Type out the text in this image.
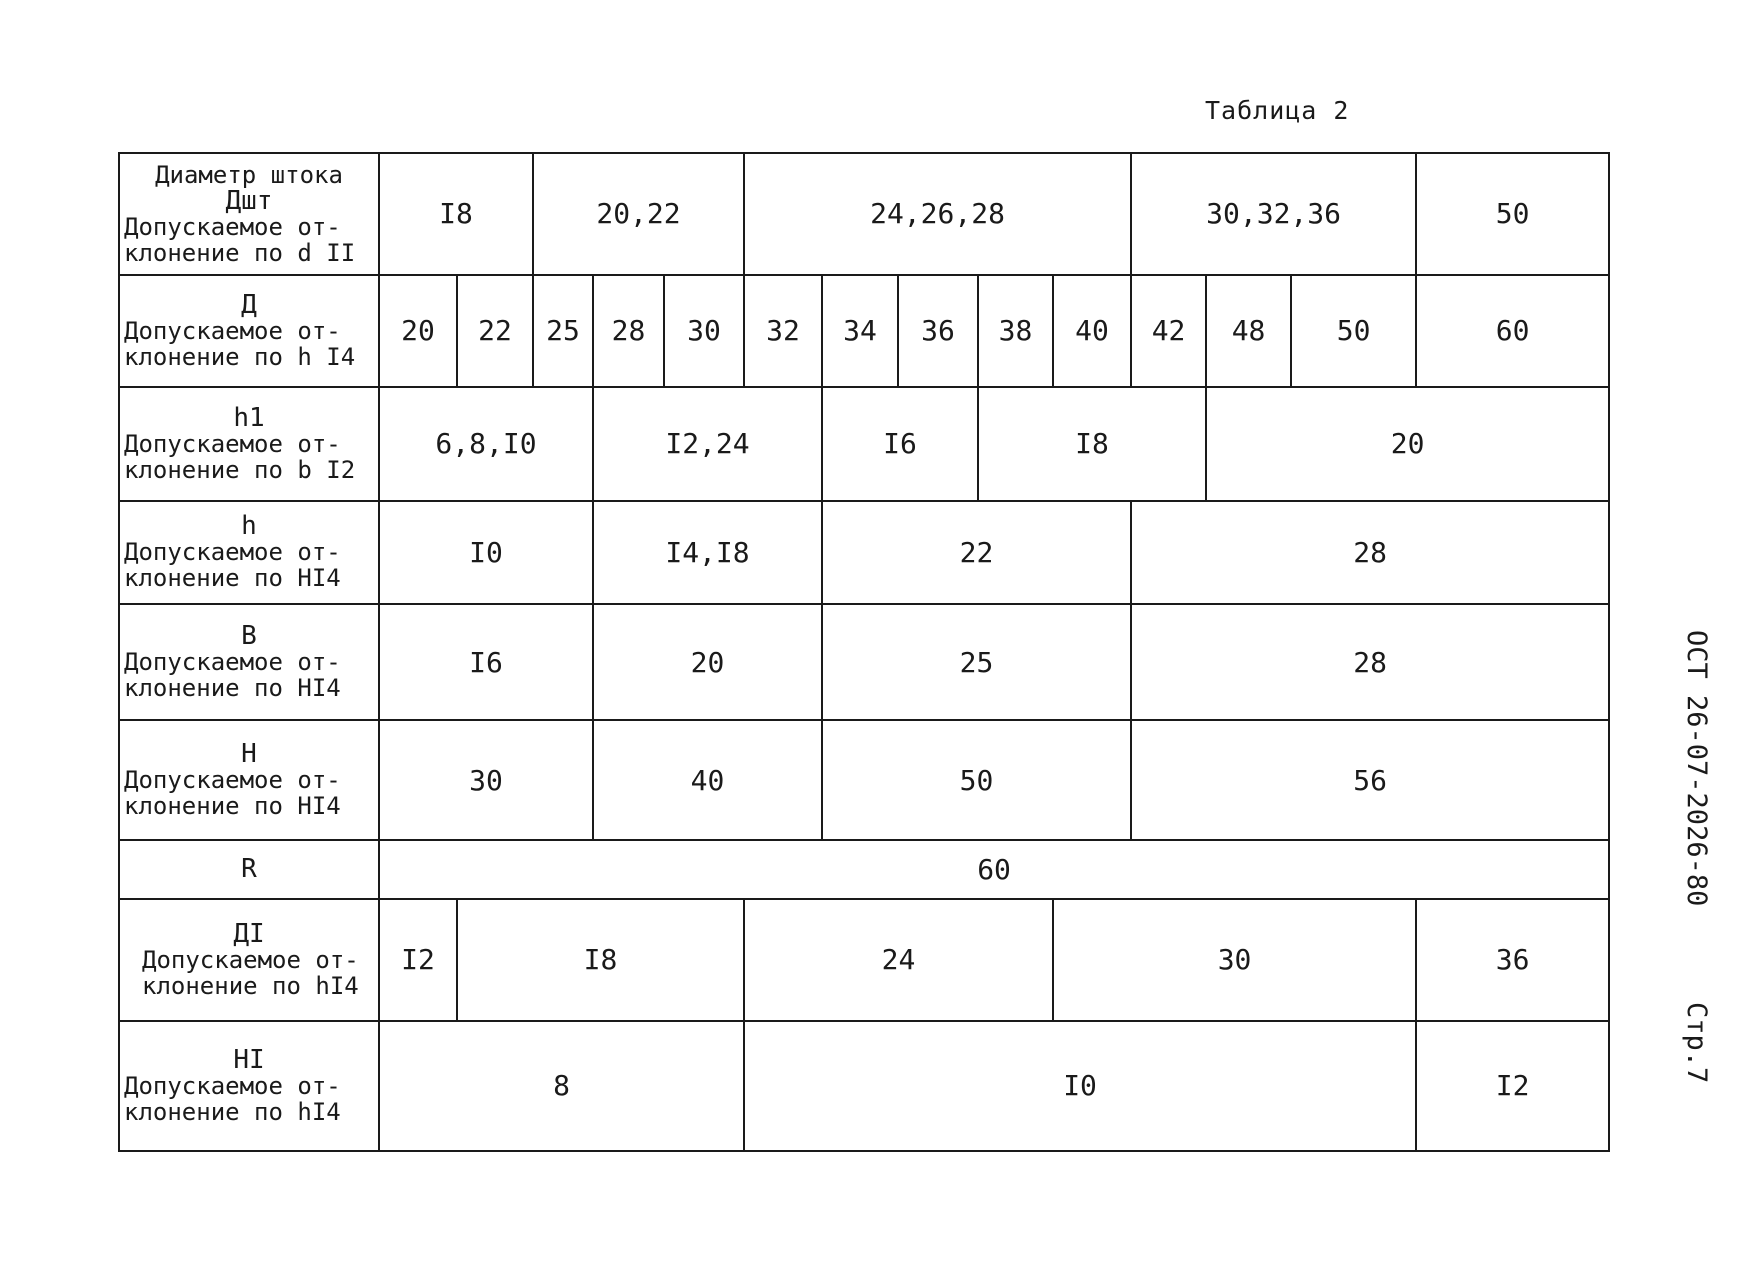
Таблица 2
Диаметр штока
Дшт
Допускаемое от-
клонение по d II	I8		20,22			24,26,28					30,32,36			50

Д
Допускаемое от-
клонение по h I4	20	22	25	28	30	32	34	36	38	40	42	48	50	60

h1
Допускаемое от-
клонение по b I2	6,8,I0			I2,24			I6		I8			20		

h
Допускаемое от-
клонение по HI4	I0			I4,I8			22				28			

В
Допускаемое от-
клонение по HI4	I6			20			25				28			

Н
Допускаемое от-
клонение по HI4	30			40			50				56			

R	60													

ДI
Допускаемое от-
клонение по hI4	I2	I8				24				30				36

НI
Допускаемое от-
клонение по hI4	8					I0								I2
ОСТ 26-07-2026-80
Стр.7
